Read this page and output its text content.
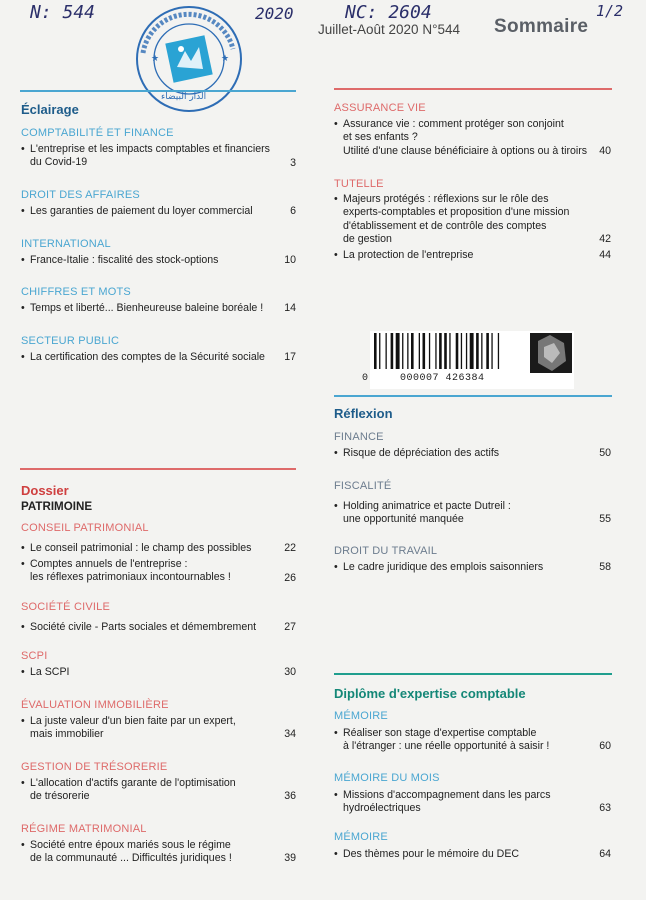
N: 544	2020	NC: 2604	1/2
Juillet-Août 2020 N°544 Sommaire
الدار البيضاء
★	★
Éclairage
COMPTABILITÉ ET FINANCE
• L'entreprise et les impacts comptables et financiers
du Covid-19	3
DROIT DES AFFAIRES
• Les garanties de paiement du loyer commercial	6
INTERNATIONAL
• France-Italie : fiscalité des stock-options	10
CHIFFRES ET MOTS
• Temps et liberté... Bienheureuse baleine boréale !	14
SECTEUR PUBLIC
• La certification des comptes de la Sécurité sociale	17
Dossier
PATRIMOINE
CONSEIL PATRIMONIAL
• Le conseil patrimonial : le champ des possibles	22
• Comptes annuels de l'entreprise :
les réflexes patrimoniaux incontournables !	26
SOCIÉTÉ CIVILE
• Société civile - Parts sociales et démembrement	27
SCPI
• La SCPI	30
ÉVALUATION IMMOBILIÈRE
• La juste valeur d'un bien faite par un expert,
mais immobilier	34
GESTION DE TRÉSORERIE
• L'allocation d'actifs garante de l'optimisation
de trésorerie	36
RÉGIME MATRIMONIAL
• Société entre époux mariés sous le régime
de la communauté ... Difficultés juridiques !	39
ASSURANCE VIE
• Assurance vie : comment protéger son conjoint
et ses enfants ?
Utilité d'une clause bénéficiaire à options ou à tiroirs	40
TUTELLE
• Majeurs protégés : réflexions sur le rôle des
experts-comptables et proposition d'une mission
d'établissement et de contrôle des comptes
de gestion	42
• La protection de l'entreprise	44
0	000007 426384
Réflexion
FINANCE
• Risque de dépréciation des actifs	50
FISCALITÉ
• Holding animatrice et pacte Dutreil :
une opportunité manquée	55
DROIT DU TRAVAIL
• Le cadre juridique des emplois saisonniers	58
Diplôme d'expertise comptable
MÉMOIRE
• Réaliser son stage d'expertise comptable
à l'étranger : une réelle opportunité à saisir !	60
MÉMOIRE DU MOIS
• Missions d'accompagnement dans les parcs
hydroélectriques	63
MÉMOIRE
• Des thèmes pour le mémoire du DEC	64
